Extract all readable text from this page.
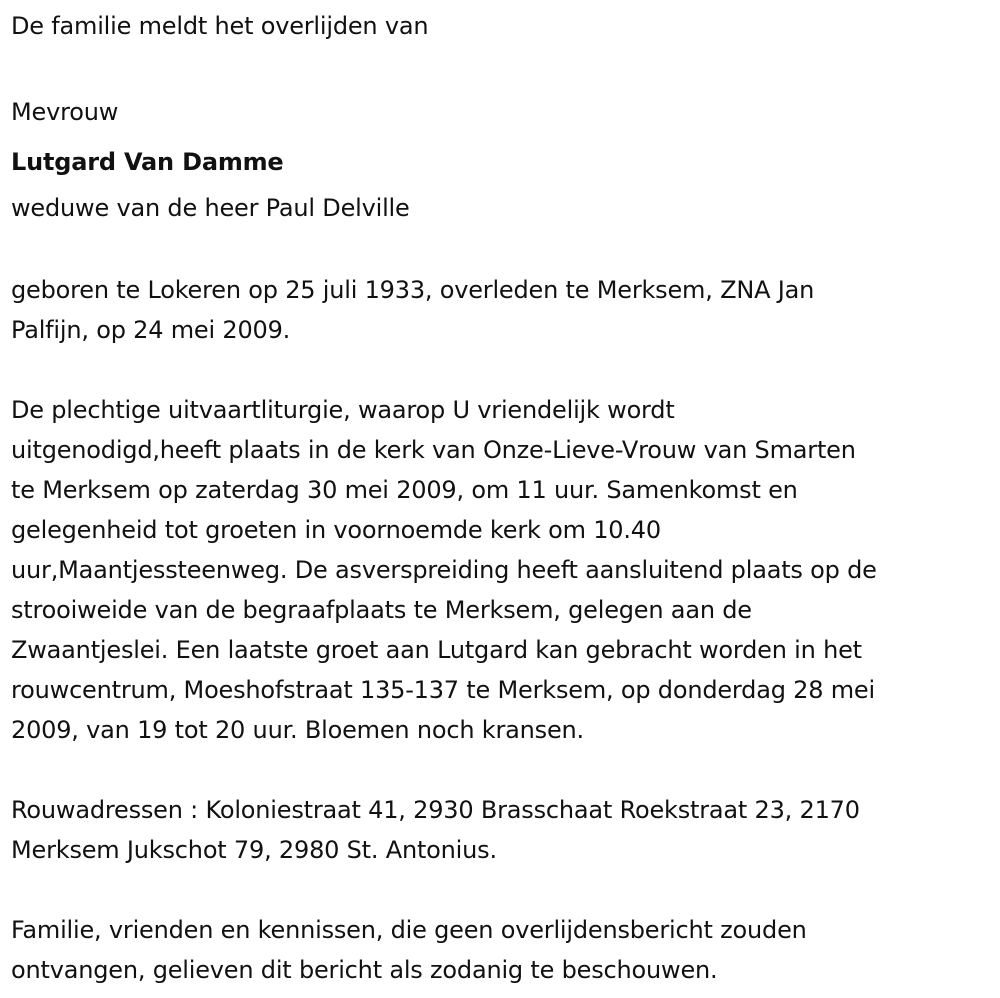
De familie meldt het overlijden van
Mevrouw
Lutgard Van Damme
weduwe van de heer Paul Delville
geboren te Lokeren op 25 juli 1933, overleden te Merksem, ZNA Jan
Palfijn, op 24 mei 2009.
De plechtige uitvaartliturgie, waarop U vriendelijk wordt
uitgenodigd,heeft plaats in de kerk van Onze-Lieve-Vrouw van Smarten
te Merksem op zaterdag 30 mei 2009, om 11 uur. Samenkomst en
gelegenheid tot groeten in voornoemde kerk om 10.40
uur,Maantjessteenweg. De asverspreiding heeft aansluitend plaats op de
strooiweide van de begraafplaats te Merksem, gelegen aan de
Zwaantjeslei. Een laatste groet aan Lutgard kan gebracht worden in het
rouwcentrum, Moeshofstraat 135-137 te Merksem, op donderdag 28 mei
2009, van 19 tot 20 uur. Bloemen noch kransen.
Rouwadressen : Koloniestraat 41, 2930 Brasschaat Roekstraat 23, 2170
Merksem Jukschot 79, 2980 St. Antonius.
Familie, vrienden en kennissen, die geen overlijdensbericht zouden
ontvangen, gelieven dit bericht als zodanig te beschouwen.
